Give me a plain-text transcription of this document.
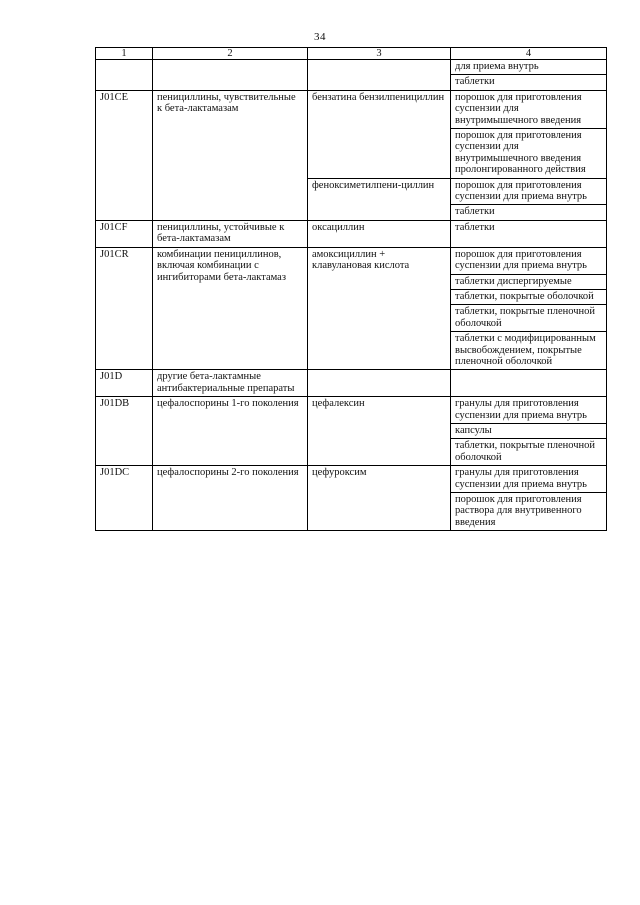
34
1	2	3	4
			для приема внутрь
			таблетки
J01CE	пенициллины, чувствительные к бета-лактамазам	бензатина бензилпенициллин	порошок для приготовления суспензии для внутримышечного введения
			порошок для приготовления суспензии для внутримышечного введения пролонгированного действия
		феноксиметилпени-циллин	порошок для приготовления суспензии для приема внутрь
			таблетки
J01CF	пенициллины, устойчивые к бета-лактамазам	оксациллин	таблетки
J01CR	комбинации пенициллинов, включая комбинации с ингибиторами бета-лактамаз	амоксициллин + клавулановая кислота	порошок для приготовления суспензии для приема внутрь
			таблетки диспергируемые
			таблетки, покрытые оболочкой
			таблетки, покрытые пленочной оболочкой
			таблетки с модифицированным высвобождением, покрытые пленочной оболочкой
J01D	другие бета-лактамные антибактериальные препараты		
J01DB	цефалоспорины 1-го поколения	цефалексин	гранулы для приготовления суспензии для приема внутрь
			капсулы
			таблетки, покрытые пленочной оболочкой
J01DC	цефалоспорины 2-го поколения	цефуроксим	гранулы для приготовления суспензии для приема внутрь
			порошок для приготовления раствора для внутривенного введения
